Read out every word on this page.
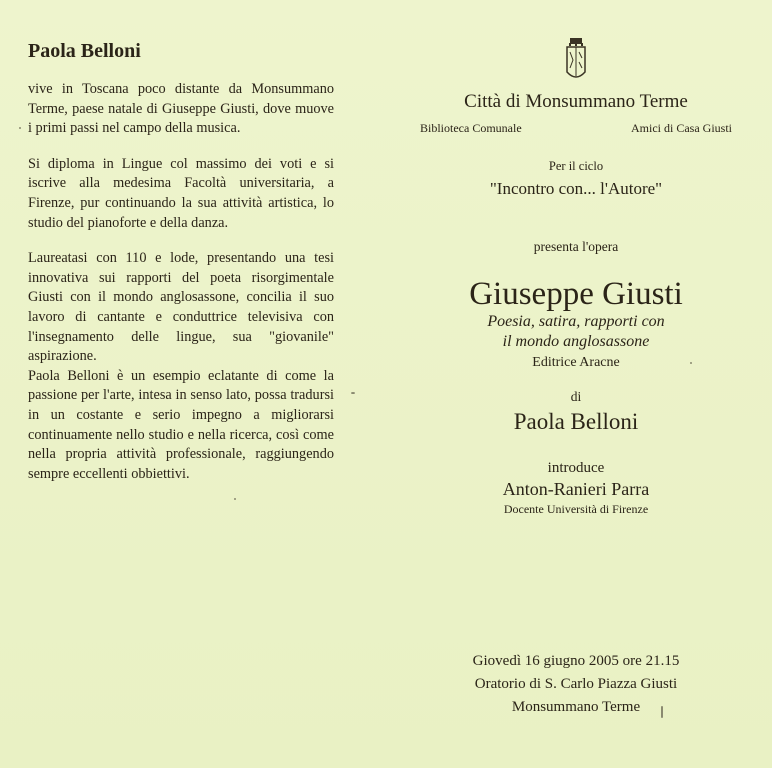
Paola Belloni

vive in Toscana poco distante da Monsummano Terme, paese natale di Giuseppe Giusti, dove muove i primi passi nel campo della musica.

Si diploma in Lingue col massimo dei voti e si iscrive alla medesima Facoltà universitaria, a Firenze, pur continuando la sua attività artistica, lo studio del pianoforte e della danza.

Laureatasi con 110 e lode, presentando una tesi innovativa sui rapporti del poeta risorgimentale Giusti con il mondo anglosassone, concilia il suo lavoro di cantante e conduttrice televisiva con l'insegnamento delle lingue, sua "giovanile" aspirazione.

Paola Belloni è un esempio eclatante di come la passione per l'arte, intesa in senso lato, possa tradursi in un costante e serio impegno a migliorarsi continuamente nello studio e nella ricerca, così come nella propria attività professionale, raggiungendo sempre eccellenti obbiettivi.

Città di Monsummano Terme
Biblioteca Comunale	Amici di Casa Giusti
Per il ciclo
"Incontro con... l'Autore"
presenta l'opera
Giuseppe Giusti
Poesia, satira, rapporti con
il mondo anglosassone
Editrice Aracne
di
Paola Belloni
introduce
Anton-Ranieri Parra
Docente Università di Firenze
Giovedì 16 giugno 2005 ore 21.15
Oratorio di S. Carlo Piazza Giusti
Monsummano Terme
